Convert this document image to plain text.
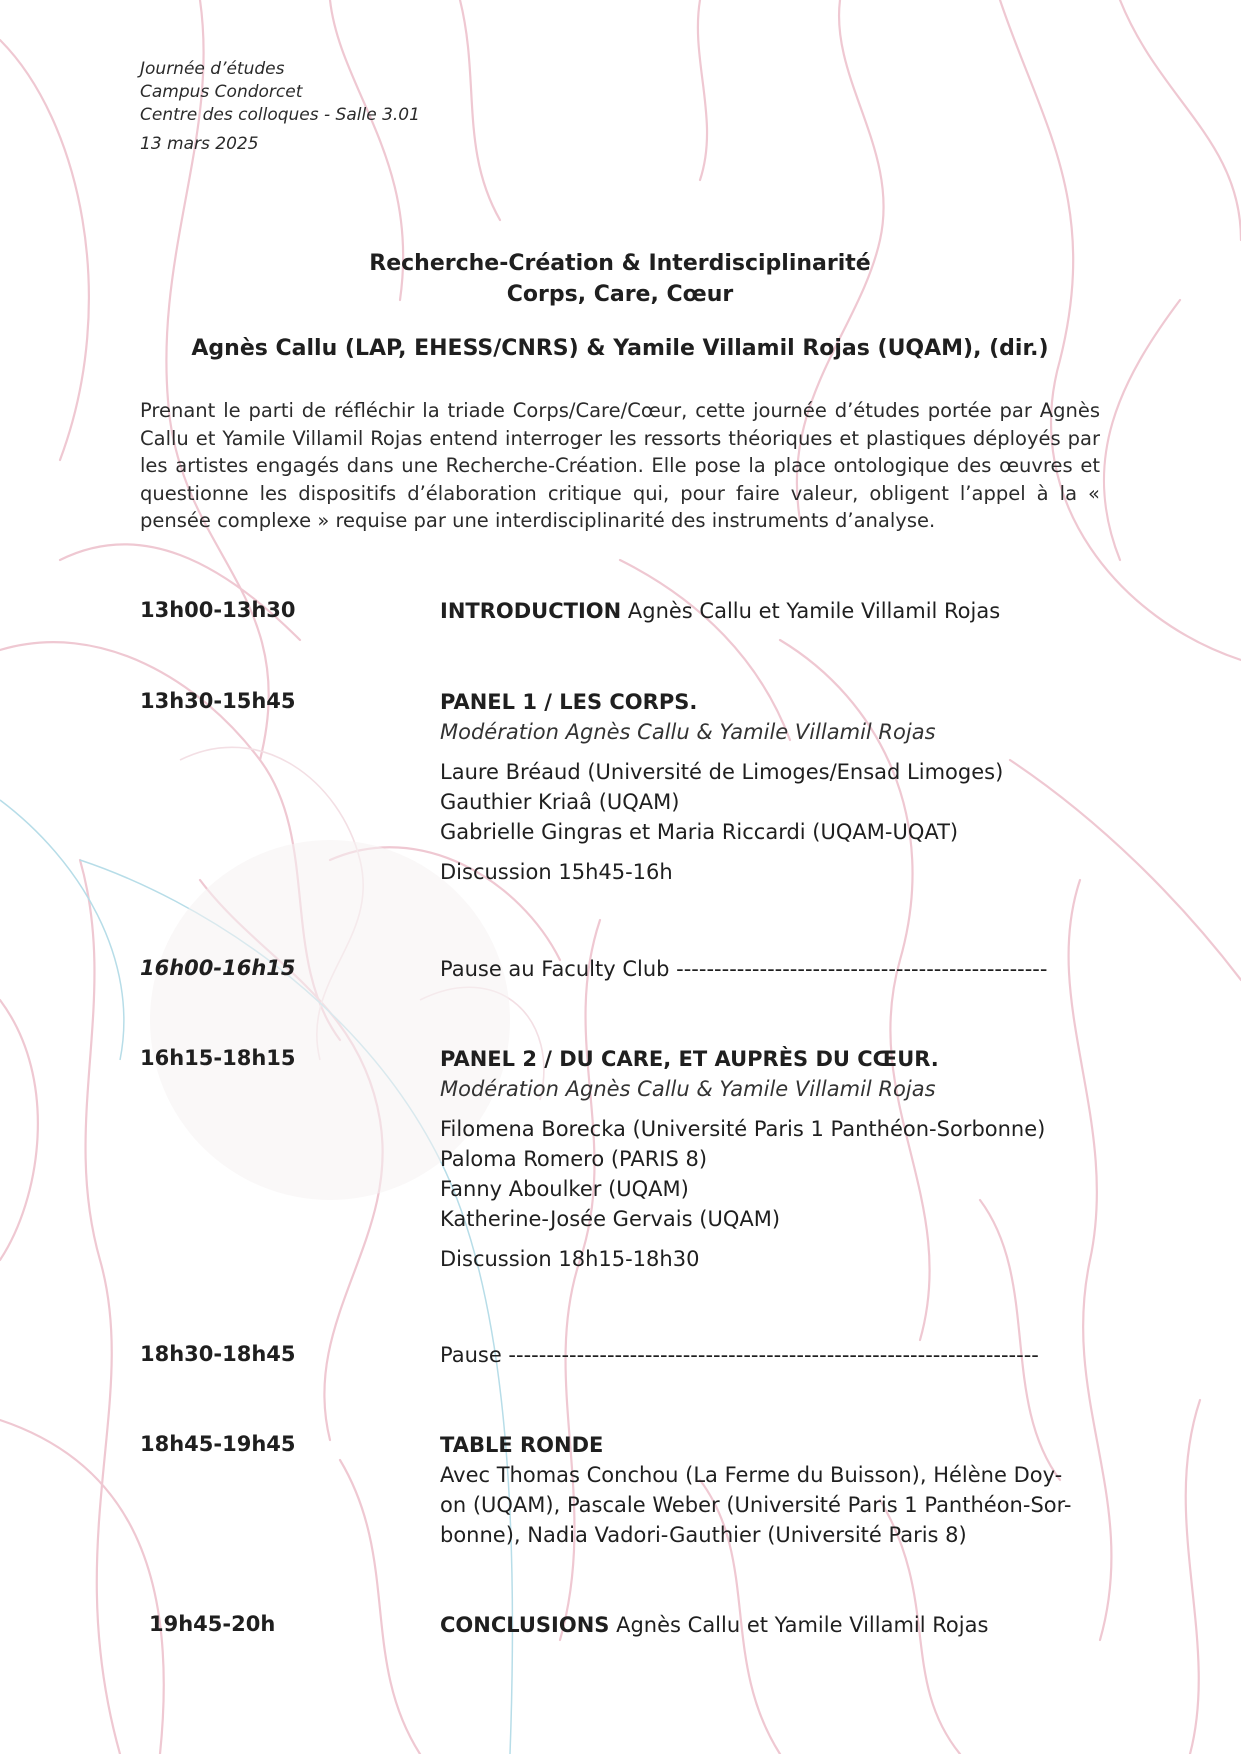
Journée d’études
Campus Condorcet
Centre des colloques - Salle 3.01
13 mars 2025
Recherche-Création & Interdisciplinarité
Corps, Care, Cœur
Agnès Callu (LAP, EHESS/CNRS) & Yamile Villamil Rojas (UQAM), (dir.)
Prenant le parti de réfléchir la triade Corps/Care/Cœur, cette journée d’études portée par Agnès Callu et Yamile Villamil Rojas entend interroger les ressorts théoriques et plastiques déployés par les artistes engagés dans une Recherche-Création. Elle pose la place ontologique des œuvres et questionne les dispositifs d’élaboration critique qui, pour faire valeur, obligent l’appel à la « pensée complexe » requise par une interdisciplinarité des instruments d’analyse.
13h00-13h30	INTRODUCTION Agnès Callu et Yamile Villamil Rojas
13h30-15h45	PANEL 1 / LES CORPS.
Modération Agnès Callu & Yamile Villamil Rojas
Laure Bréaud (Université de Limoges/Ensad Limoges)
Gauthier Kriaâ (UQAM)
Gabrielle Gingras et Maria Riccardi (UQAM-UQAT)
Discussion 15h45-16h
16h00-16h15	Pause au Faculty Club -------------------------------------------------
16h15-18h15	PANEL 2 / DU CARE, ET AUPRÈS DU CŒUR.
Modération Agnès Callu & Yamile Villamil Rojas
Filomena Borecka (Université Paris 1 Panthéon-Sorbonne)
Paloma Romero (PARIS 8)
Fanny Aboulker (UQAM)
Katherine-Josée Gervais (UQAM)
Discussion 18h15-18h30
18h30-18h45	Pause ----------------------------------------------------------------------
18h45-19h45	TABLE RONDE
Avec Thomas Conchou (La Ferme du Buisson), Hélène Doy-
on (UQAM), Pascale Weber (Université Paris 1 Panthéon-Sor-
bonne), Nadia Vadori-Gauthier (Université Paris 8)
19h45-20h	CONCLUSIONS Agnès Callu et Yamile Villamil Rojas
